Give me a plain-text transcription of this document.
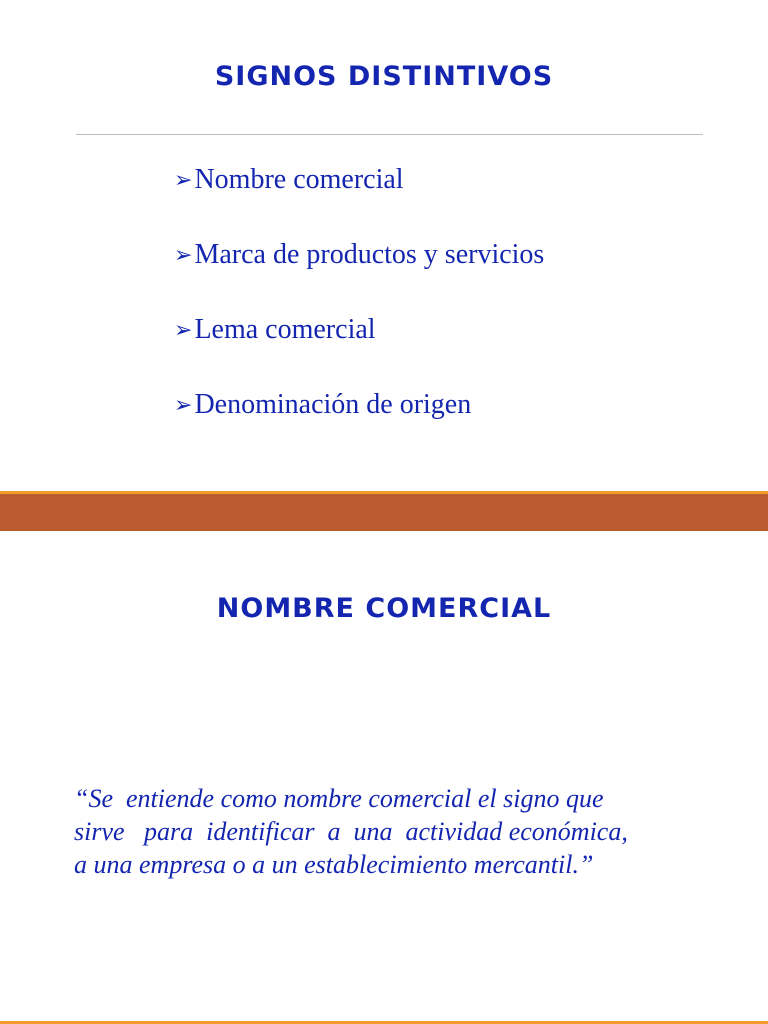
SIGNOS DISTINTIVOS
➢Nombre comercial
➢Marca de productos y servicios
➢Lema comercial
➢Denominación de origen
NOMBRE COMERCIAL

“Se  entiende como nombre comercial el signo que
sirve   para  identificar  a  una  actividad económica,
a una empresa o a un establecimiento mercantil.”
